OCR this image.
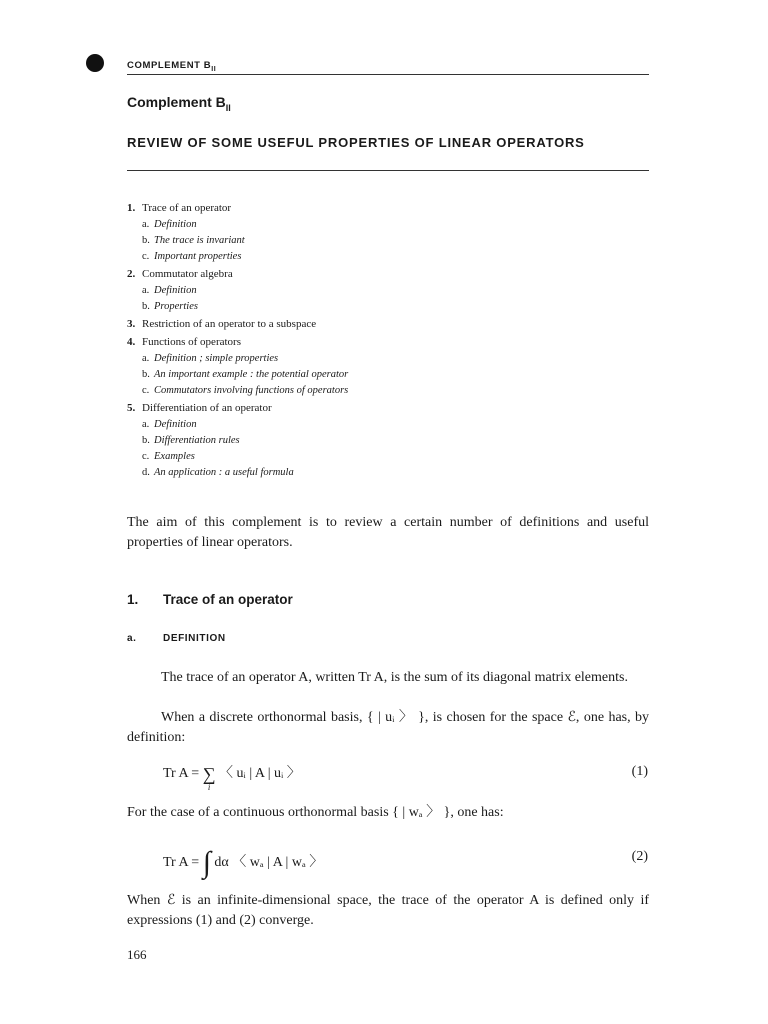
COMPLEMENT $B_{II}$
Complement $B_{II}$
REVIEW OF SOME USEFUL PROPERTIES OF LINEAR OPERATORS
1. Trace of an operator
a. Definition
b. The trace is invariant
c. Important properties
2. Commutator algebra
a. Definition
b. Properties
3. Restriction of an operator to a subspace
4. Functions of operators
a. Definition ; simple properties
b. An important example : the potential operator
c. Commutators involving functions of operators
5. Differentiation of an operator
a. Definition
b. Differentiation rules
c. Examples
d. An application : a useful formula
The aim of this complement is to review a certain number of definitions and useful properties of linear operators.
1. Trace of an operator
a.	DEFINITION
The trace of an operator A, written Tr A, is the sum of its diagonal matrix elements.
When a discrete orthonormal basis, { | uᵢ 〉 }, is chosen for the space ℰ, one has, by definition:
Tr A = ∑
$^i$ 〈 uᵢ | A | uᵢ 〉	(1)
For the case of a continuous orthonormal basis { | wₐ 〉 }, one has:
Tr A = ∫ dα 〈 wₐ | A | wₐ 〉	(2)
When ℰ is an infinite-dimensional space, the trace of the operator A is defined only if expressions (1) and (2) converge.
166
